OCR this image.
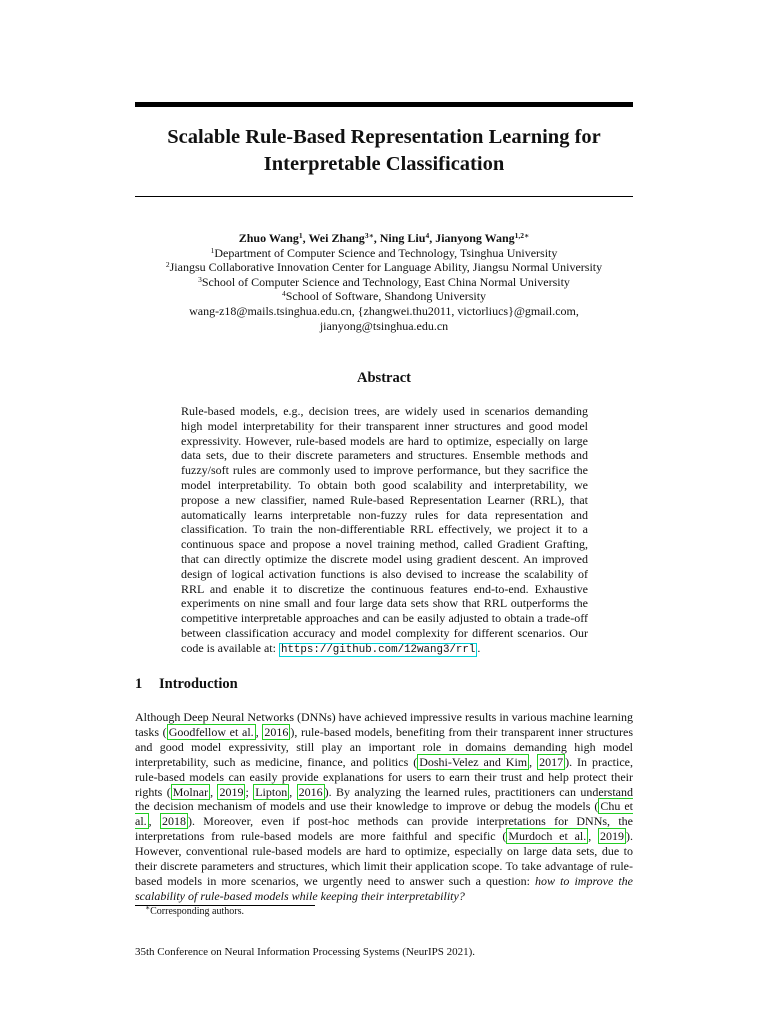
Scalable Rule-Based Representation Learning for
Interpretable Classification
Zhuo Wang$^1$, Wei Zhang$^{3∗}$, Ning Liu$^4$, Jianyong Wang$^{1,2∗}$
$^1$Department of Computer Science and Technology, Tsinghua University
$^2$Jiangsu Collaborative Innovation Center for Language Ability, Jiangsu Normal University
$^3$School of Computer Science and Technology, East China Normal University
$^4$School of Software, Shandong University
wang-z18@mails.tsinghua.edu.cn, {zhangwei.thu2011, victorliucs}@gmail.com,
jianyong@tsinghua.edu.cn
Abstract
Rule-based models, e.g., decision trees, are widely used in scenarios demanding high model interpretability for their transparent inner structures and good model expressivity. However, rule-based models are hard to optimize, especially on large data sets, due to their discrete parameters and structures. Ensemble methods and fuzzy/soft rules are commonly used to improve performance, but they sacrifice the model interpretability. To obtain both good scalability and interpretability, we propose a new classifier, named Rule-based Representation Learner (RRL), that automatically learns interpretable non-fuzzy rules for data representation and classification. To train the non-differentiable RRL effectively, we project it to a continuous space and propose a novel training method, called Gradient Grafting, that can directly optimize the discrete model using gradient descent. An improved design of logical activation functions is also devised to increase the scalability of RRL and enable it to discretize the continuous features end-to-end. Exhaustive experiments on nine small and four large data sets show that RRL outperforms the competitive interpretable approaches and can be easily adjusted to obtain a trade-off between classification accuracy and model complexity for different scenarios. Our code is available at: https://github.com/12wang3/rrl .
1 Introduction
Although Deep Neural Networks (DNNs) have achieved impressive results in various machine learning tasks ( Goodfellow et al. , 2016 ), rule-based models, benefiting from their transparent inner structures and good model expressivity, still play an important role in domains demanding high model interpretability, such as medicine, finance, and politics ( Doshi-Velez and Kim , 2017 ). In practice, rule-based models can easily provide explanations for users to earn their trust and help protect their rights ( Molnar , 2019 ; Lipton , 2016 ). By analyzing the learned rules, practitioners can understand the decision mechanism of models and use their knowledge to improve or debug the models ( Chu et al. , 2018 ). Moreover, even if post-hoc methods can provide interpretations for DNNs, the interpretations from rule-based models are more faithful and specific ( Murdoch et al. , 2019 ). However, conventional rule-based models are hard to optimize, especially on large data sets, due to their discrete parameters and structures, which limit their application scope. To take advantage of rule-based models in more scenarios, we urgently need to answer such a question: how to improve the scalability of rule-based models while keeping their interpretability?
∗Corresponding authors.
35th Conference on Neural Information Processing Systems (NeurIPS 2021).
